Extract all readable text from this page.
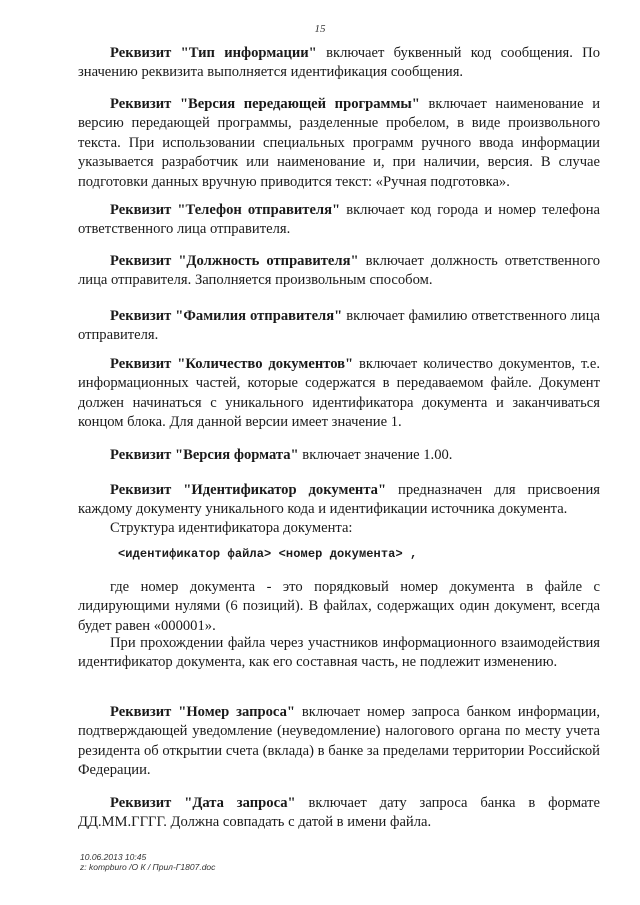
15
Реквизит "Тип информации" включает буквенный код сообщения. По значению реквизита выполняется идентификация сообщения.
Реквизит "Версия передающей программы" включает наименование и версию передающей программы, разделенные пробелом, в виде произвольного текста. При использовании специальных программ ручного ввода информации указывается разработчик или наименование и, при наличии, версия. В случае подготовки данных вручную приводится текст: «Ручная подготовка».
Реквизит "Телефон отправителя" включает код города и номер телефона ответственного лица отправителя.
Реквизит "Должность отправителя" включает должность ответственного лица отправителя. Заполняется произвольным способом.
Реквизит "Фамилия отправителя" включает фамилию ответственного лица отправителя.
Реквизит "Количество документов" включает количество документов, т.е. информационных частей, которые содержатся в передаваемом файле. Документ должен начинаться с уникального идентификатора документа и заканчиваться концом блока. Для данной версии имеет значение 1.
Реквизит "Версия формата" включает значение 1.00.
Реквизит "Идентификатор документа" предназначен для присвоения каждому документу уникального кода и идентификации источника документа.
Структура идентификатора документа:
<идентификатор файла> <номер документа> ,
где номер документа - это порядковый номер документа в файле с лидирующими нулями (6 позиций). В файлах, содержащих один документ, всегда будет равен «000001».
При прохождении файла через участников информационного взаимодействия идентификатор документа, как его составная часть, не подлежит изменению.
Реквизит "Номер запроса" включает номер запроса банком информации, подтверждающей уведомление (неуведомление) налогового органа по месту учета резидента об открытии счета (вклада) в банке за пределами территории Российской Федерации.
Реквизит "Дата запроса" включает дату запроса банка в формате ДД.ММ.ГГГГ. Должна совпадать с датой в имени файла.
10.06.2013 10:45
z: kompburo /О К / Прил-Г1807.doc
